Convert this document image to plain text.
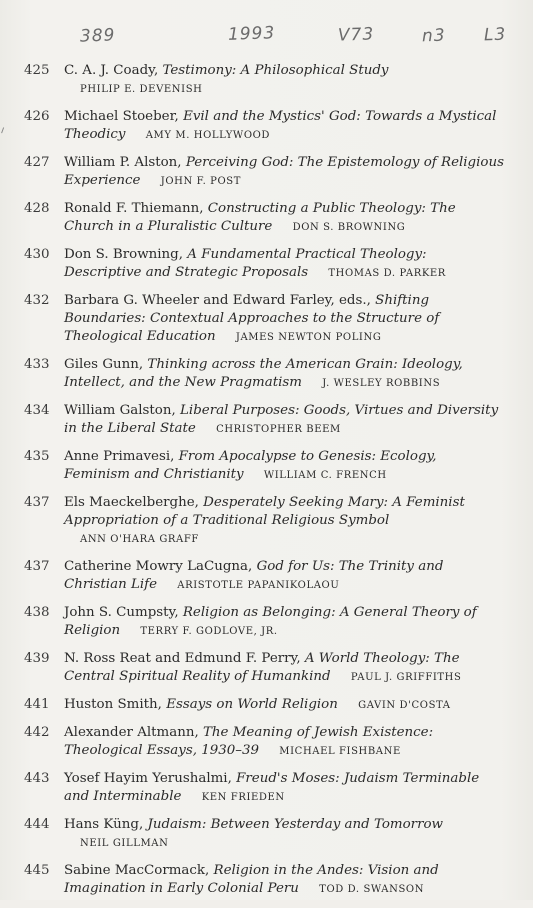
389	1993	V73	n3 L3
425	C. A. J. Coady, Testimony: A Philosophical Study PHILIP E. DEVENISH
426	Michael Stoeber, Evil and the Mystics' God: Towards a Mystical Theodicy AMY M. HOLLYWOOD
427	William P. Alston, Perceiving God: The Epistemology of Religious Experience JOHN F. POST
428	Ronald F. Thiemann, Constructing a Public Theology: The Church in a Pluralistic Culture DON S. BROWNING
430	Don S. Browning, A Fundamental Practical Theology: Descriptive and Strategic Proposals THOMAS D. PARKER
432	Barbara G. Wheeler and Edward Farley, eds., Shifting Boundaries: Contextual Approaches to the Structure of Theological Education JAMES NEWTON POLING
433	Giles Gunn, Thinking across the American Grain: Ideology, Intellect, and the New Pragmatism J. WESLEY ROBBINS
434	William Galston, Liberal Purposes: Goods, Virtues and Diversity in the Liberal State CHRISTOPHER BEEM
435	Anne Primavesi, From Apocalypse to Genesis: Ecology, Feminism and Christianity WILLIAM C. FRENCH
437	Els Maeckelberghe, Desperately Seeking Mary: A Feminist Appropriation of a Traditional Religious Symbol ANN O'HARA GRAFF
437	Catherine Mowry LaCugna, God for Us: The Trinity and Christian Life ARISTOTLE PAPANIKOLAOU
438	John S. Cumpsty, Religion as Belonging: A General Theory of Religion TERRY F. GODLOVE, JR.
439	N. Ross Reat and Edmund F. Perry, A World Theology: The Central Spiritual Reality of Humankind PAUL J. GRIFFITHS
441	Huston Smith, Essays on World Religion GAVIN D'COSTA
442	Alexander Altmann, The Meaning of Jewish Existence: Theological Essays, 1930–39 MICHAEL FISHBANE
443	Yosef Hayim Yerushalmi, Freud's Moses: Judaism Terminable and Interminable KEN FRIEDEN
444	Hans Küng, Judaism: Between Yesterday and Tomorrow NEIL GILLMAN
445	Sabine MacCormack, Religion in the Andes: Vision and Imagination in Early Colonial Peru TOD D. SWANSON
